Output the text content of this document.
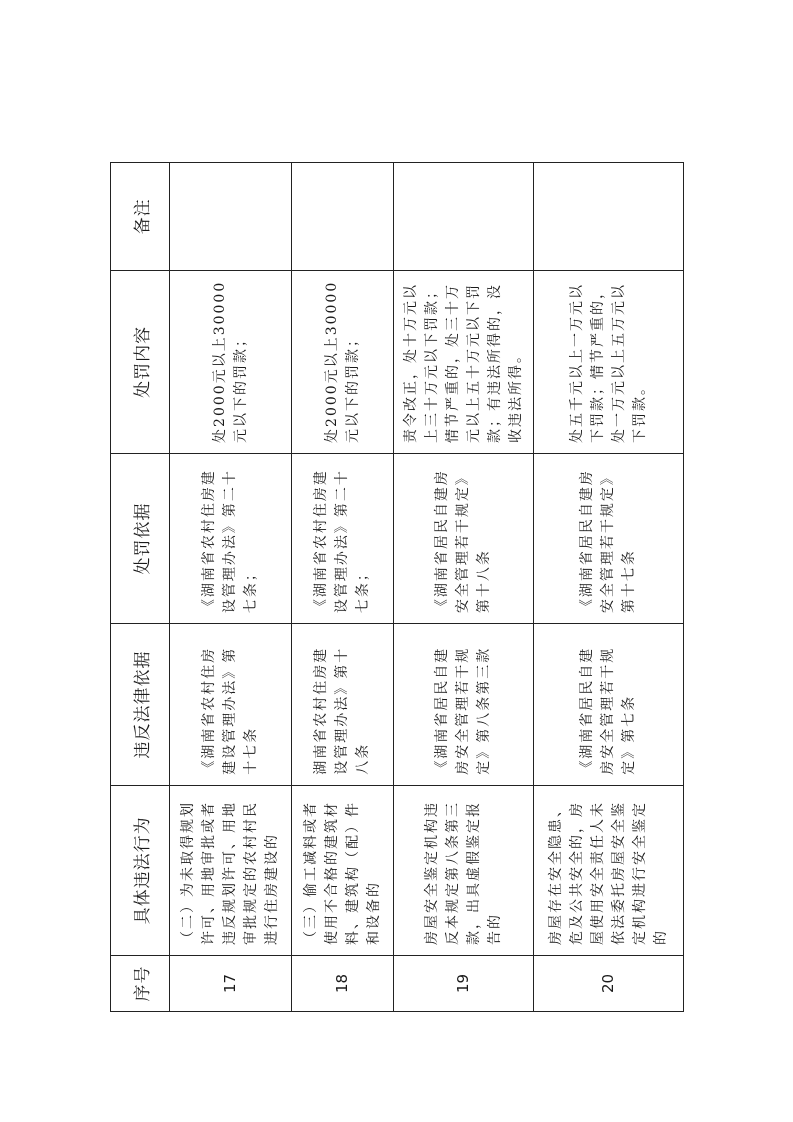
序号	具体违法行为	违反法律依据	处罚依据	处罚内容	备注
17	（二）为未取得规划许可、用地审批或者违反规划许可、用地审批规定的农村村民进行住房建设的	《湖南省农村住房建设管理办法》第十七条	《湖南省农村住房建设管理办法》第二十七条；	处2000元以上30000元以下的罚款；	
18	（三）偷工减料或者使用不合格的建筑材料、建筑构（配）件和设备的	湖南省农村住房建设管理办法》第十八条	《湖南省农村住房建设管理办法》第二十七条；	处2000元以上30000元以下的罚款；	
19	房屋安全鉴定机构违反本规定第八条第三款，出具虚假鉴定报告的	《湖南省居民自建房安全管理若干规定》第八条第三款	《湖南省居民自建房安全管理若干规定》第十八条	责令改正，处十万元以上三十万元以下罚款；情节严重的，处三十万元以上五十万元以下罚款；有违法所得的，没收违法所得。	
20	房屋存在安全隐患、危及公共安全的，房屋使用安全责任人未依法委托房屋安全鉴定机构进行安全鉴定的	《湖南省居民自建房安全管理若干规定》第七条	《湖南省居民自建房安全管理若干规定》第十七条	处五千元以上一万元以下罚款；情节严重的，处一万元以上五万元以下罚款。	
